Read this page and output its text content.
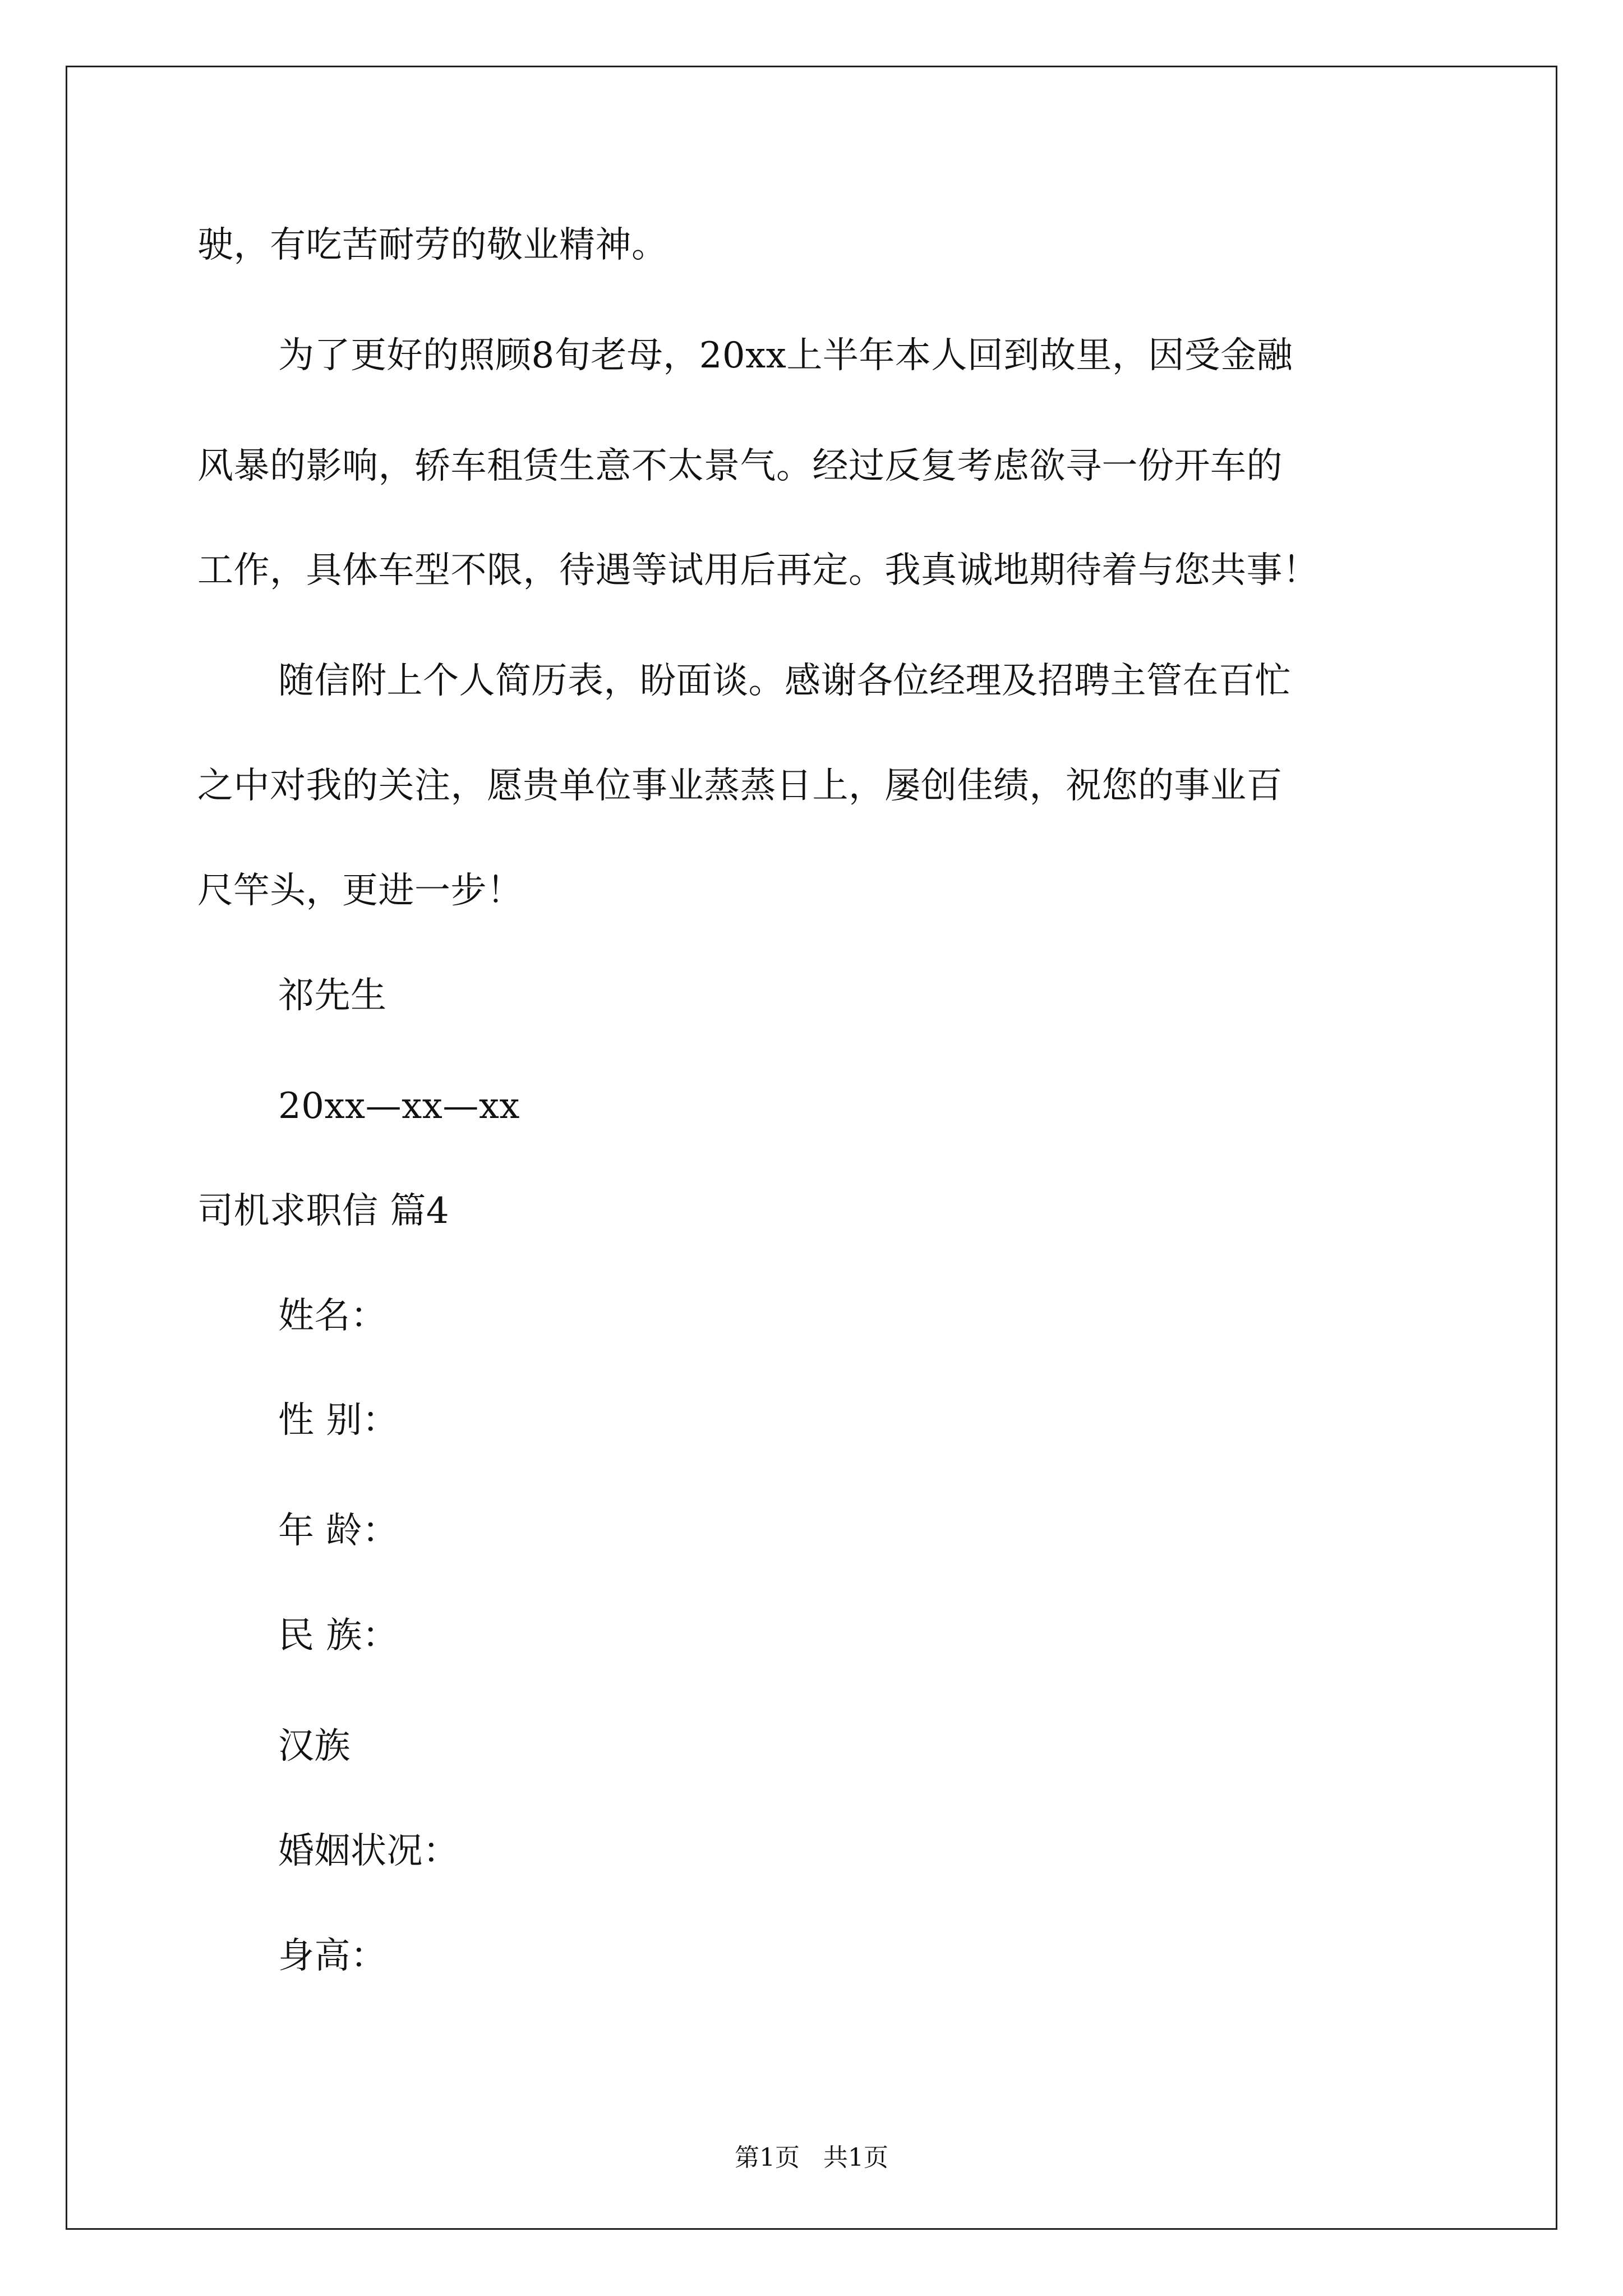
驶，有吃苦耐劳的敬业精神。
为了更好的照顾8旬老母，20xx上半年本人回到故里，因受金融
风暴的影响，轿车租赁生意不太景气。经过反复考虑欲寻一份开车的
工作，具体车型不限，待遇等试用后再定。我真诚地期待着与您共事！
随信附上个人简历表，盼面谈。感谢各位经理及招聘主管在百忙
之中对我的关注，愿贵单位事业蒸蒸日上，屡创佳绩，祝您的事业百
尺竿头，更进一步！
祁先生
20xx—xx—xx
司机求职信 篇4
姓名：
性 别：
年 龄：
民 族：
汉族
婚姻状况：
身高：
第1页   共1页
